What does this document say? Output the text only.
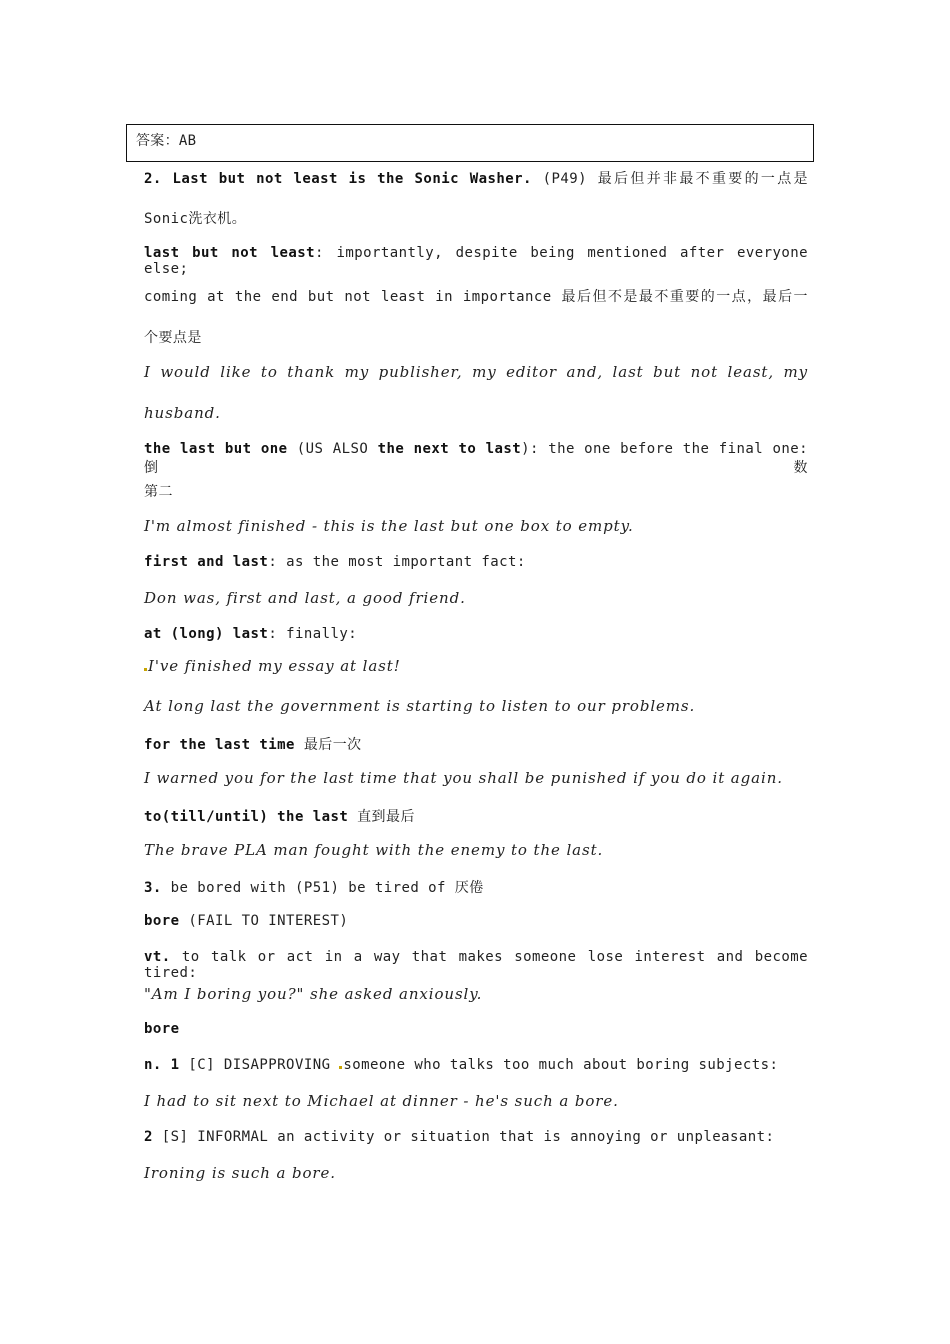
答案：AB
2. Last but not least is the Sonic Washer. (P49) 最后但并非最不重要的一点是
Sonic洗衣机。
last but not least: importantly, despite being mentioned after everyone else;
coming at the end but not least in importance 最后但不是最不重要的一点，最后一
个要点是
I would like to thank my publisher, my editor and, last but not least, my
husband.
the last but one (US ALSO the next to last): the one before the final one: 倒数
第二
I'm almost finished - this is the last but one box to empty.
first and last: as the most important fact:
Don was, first and last, a good friend.
at (long) last: finally:
I've finished my essay at last!
At long last the government is starting to listen to our problems.
for the last time 最后一次
I warned you for the last time that you shall be punished if you do it again.
to(till/until) the last 直到最后
The brave PLA man fought with the enemy to the last.
3. be bored with (P51) be tired of 厌倦
bore (FAIL TO INTEREST)
vt. to talk or act in a way that makes someone lose interest and become tired:
"Am I boring you?" she asked anxiously.
bore
n. 1 [C] DISAPPROVING someone who talks too much about boring subjects:
I had to sit next to Michael at dinner - he's such a bore.
2 [S] INFORMAL an activity or situation that is annoying or unpleasant:
Ironing is such a bore.
